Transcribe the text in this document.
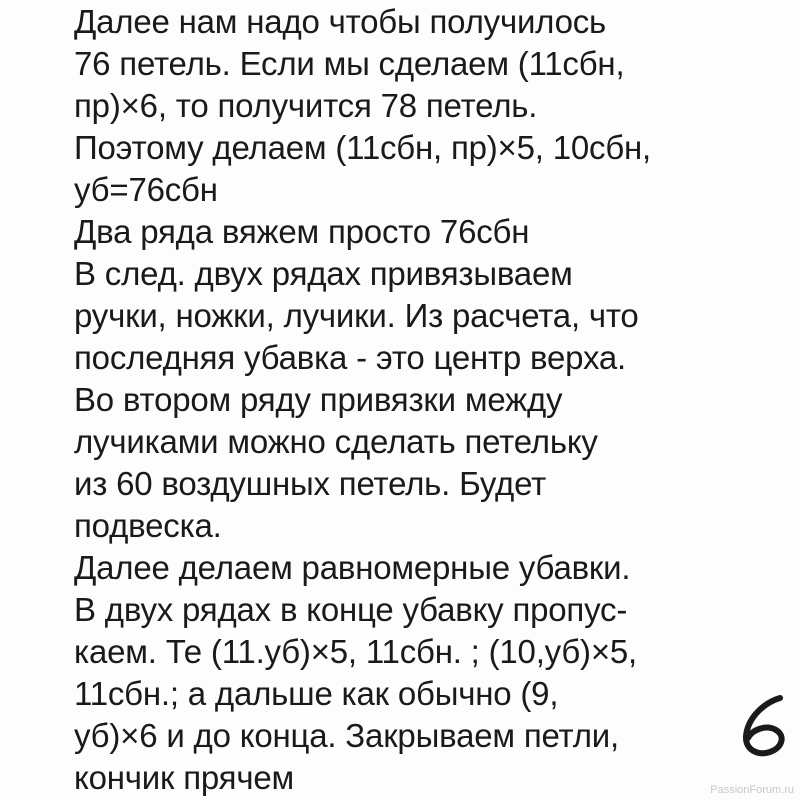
Далее нам надо чтобы получилось
76 петель. Если мы сделаем (11сбн,
пр)×6, то получится 78 петель.
Поэтому делаем (11сбн, пр)×5, 10сбн,
уб=76сбн
Два ряда вяжем просто 76сбн
В след. двух рядах привязываем
ручки, ножки, лучики. Из расчета, что
последняя убавка - это центр верха.
Во втором ряду привязки между
лучиками можно сделать петельку
из 60 воздушных петель. Будет
подвеска.
Далее делаем равномерные убавки.
В двух рядах в конце убавку пропус-
каем. Те (11.уб)×5, 11сбн. ; (10,уб)×5,
11сбн.; а дальше как обычно (9,
уб)×6 и до конца. Закрываем петли,
кончик прячем	PassionForum.ru
